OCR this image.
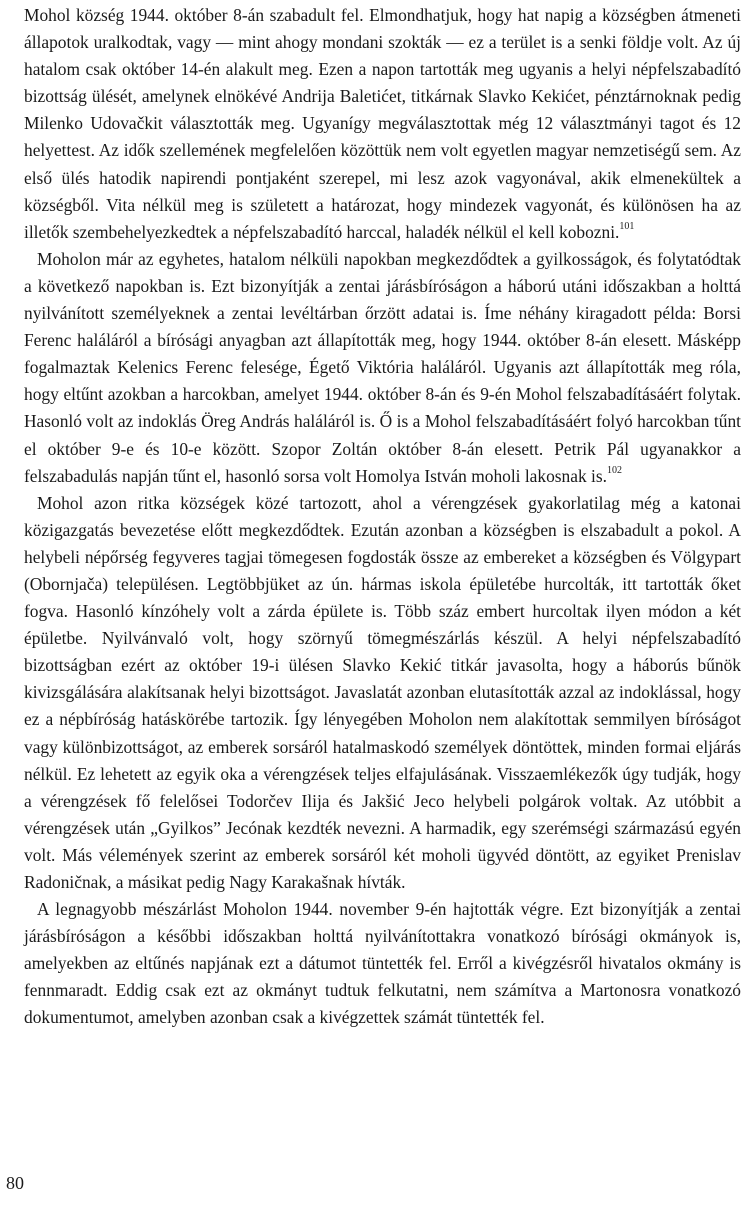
Mohol község 1944. október 8-án szabadult fel. Elmondhatjuk, hogy hat napig a községben átmeneti állapotok uralkodtak, vagy — mint ahogy mondani szokták — ez a terület is a senki földje volt. Az új hatalom csak október 14-én alakult meg. Ezen a napon tartották meg ugyanis a helyi népfelszabadító bizottság ülését, amelynek elnökévé Andrija Baletićet, titkárnak Slavko Kekićet, pénztárnoknak pedig Milenko Udovačkit választották meg. Ugyanígy megválasztottak még 12 választmányi tagot és 12 helyettest. Az idők szellemének megfelelően közöttük nem volt egyetlen magyar nemzetiségű sem. Az első ülés hatodik napirendi pontjaként szerepel, mi lesz azok vagyonával, akik elmenekültek a községből. Vita nélkül meg is született a határozat, hogy mindezek vagyonát, és különösen ha az illetők szembehelyezkedtek a népfelszabadító harccal, haladék nélkül el kell kobozni.$^{101}$

Moholon már az egyhetes, hatalom nélküli napokban megkezdődtek a gyilkosságok, és folytatódtak a következő napokban is. Ezt bizonyítják a zentai járásbíróságon a háború utáni időszakban a holttá nyilvánított személyeknek a zentai levéltárban őrzött adatai is. Íme néhány kiragadott példa: Borsi Ferenc haláláról a bírósági anyagban azt állapították meg, hogy 1944. október 8-án elesett. Másképp fogalmaztak Kelenics Ferenc felesége, Égető Viktória haláláról. Ugyanis azt állapították meg róla, hogy eltűnt azokban a harcokban, amelyet 1944. október 8-án és 9-én Mohol felszabadításáért folytak. Hasonló volt az indoklás Öreg András haláláról is. Ő is a Mohol felszabadításáért folyó harcokban tűnt el október 9-e és 10-e között. Szopor Zoltán október 8-án elesett. Petrik Pál ugyanakkor a felszabadulás napján tűnt el, hasonló sorsa volt Homolya István moholi lakosnak is.$^{102}$

Mohol azon ritka községek közé tartozott, ahol a vérengzések gyakorlatilag még a katonai közigazgatás bevezetése előtt megkezdődtek. Ezután azonban a községben is elszabadult a pokol. A helybeli népőrség fegyveres tagjai tömegesen fogdosták össze az embereket a községben és Völgypart (Obornjača) településen. Legtöbbjüket az ún. hármas iskola épületébe hurcolták, itt tartották őket fogva. Hasonló kínzóhely volt a zárda épülete is. Több száz embert hurcoltak ilyen módon a két épületbe. Nyilvánvaló volt, hogy szörnyű tömegmészárlás készül. A helyi népfelszabadító bizottságban ezért az október 19-i ülésen Slavko Kekić titkár javasolta, hogy a háborús bűnök kivizsgálására alakítsanak helyi bizottságot. Javaslatát azonban elutasították azzal az indoklással, hogy ez a népbíróság hatáskörébe tartozik. Így lényegében Moholon nem alakítottak semmilyen bíróságot vagy különbizottságot, az emberek sorsáról hatalmaskodó személyek döntöttek, minden formai eljárás nélkül. Ez lehetett az egyik oka a vérengzések teljes elfajulásának. Visszaemlékezők úgy tudják, hogy a vérengzések fő felelősei Todorčev Ilija és Jakšić Jeco helybeli polgárok voltak. Az utóbbit a vérengzések után „Gyilkos” Jecónak kezdték nevezni. A harmadik, egy szerémségi származású egyén volt. Más vélemények szerint az emberek sorsáról két moholi ügyvéd döntött, az egyiket Prenislav Radoničnak, a másikat pedig Nagy Karakašnak hívták.

A legnagyobb mészárlást Moholon 1944. november 9-én hajtották végre. Ezt bizonyítják a zentai járásbíróságon a későbbi időszakban holttá nyilvánítottakra vonatkozó bírósági okmányok is, amelyekben az eltűnés napjának ezt a dátumot tüntették fel. Erről a kivégzésről hivatalos okmány is fennmaradt. Eddig csak ezt az okmányt tudtuk felkutatni, nem számítva a Martonosra vonatkozó dokumentumot, amelyben azonban csak a kivégzettek számát tüntették fel.

80
